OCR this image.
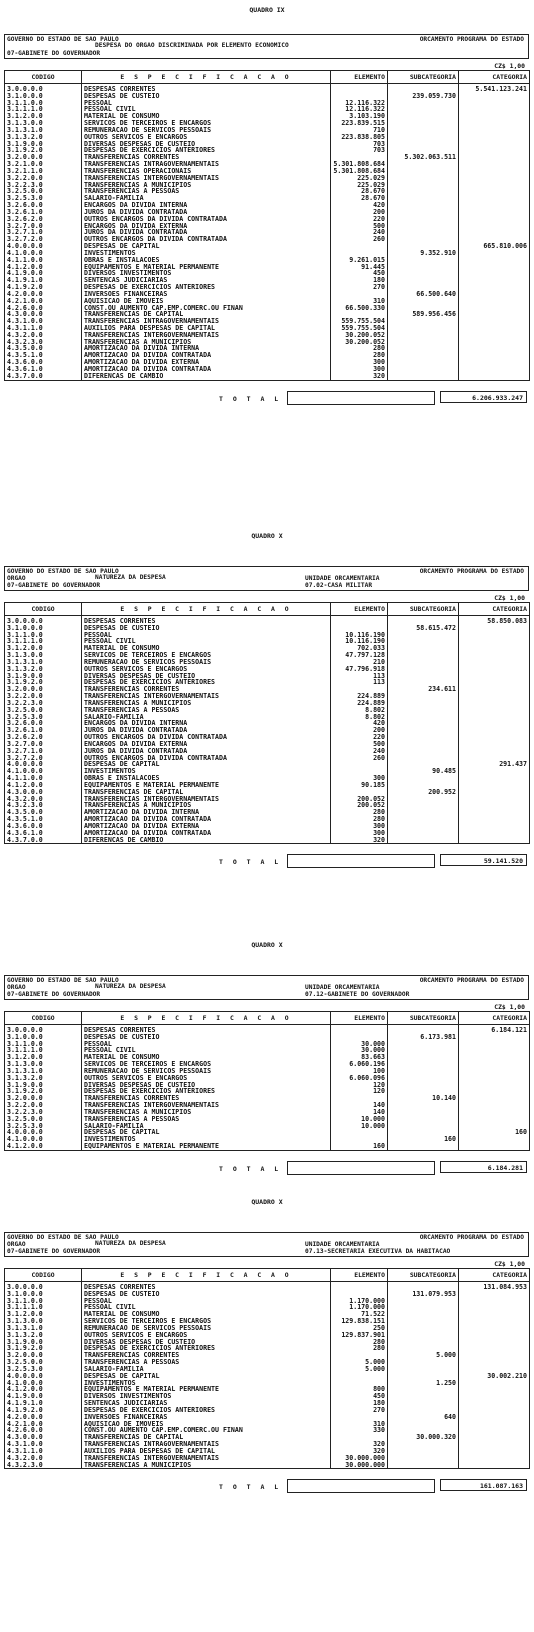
QUADRO IX
GOVERNO DO ESTADO DE SAO PAULO	ORCAMENTO PROGRAMA DO ESTADO
DESPESA DO ORGAO DISCRIMINADA POR ELEMENTO ECONOMICO
07-GABINETE DO GOVERNADOR
CZ$ 1,00
CODIGO	E S P E C I F I C A C A O	ELEMENTO	SUBCATEGORIA	CATEGORIA
3.0.0.0.0	DESPESAS CORRENTES			5.541.123.241
3.1.0.0.0	DESPESAS DE CUSTEIO		239.059.730	
3.1.1.0.0	PESSOAL	12.116.322		
3.1.1.1.0	PESSOAL CIVIL	12.116.322		
3.1.2.0.0	MATERIAL DE CONSUMO	3.103.190		
3.1.3.0.0	SERVICOS DE TERCEIROS E ENCARGOS	223.839.515		
3.1.3.1.0	REMUNERACAO DE SERVICOS PESSOAIS	710		
3.1.3.2.0	OUTROS SERVICOS E ENCARGOS	223.838.805		
3.1.9.0.0	DIVERSAS DESPESAS DE CUSTEIO	703		
3.1.9.2.0	DESPESAS DE EXERCICIOS ANTERIORES	703		
3.2.0.0.0	TRANSFERENCIAS CORRENTES		5.302.063.511	
3.2.1.0.0	TRANSFERENCIAS INTRAGOVERNAMENTAIS	5.301.808.684		
3.2.1.1.0	TRANSFERENCIAS OPERACIONAIS	5.301.808.684		
3.2.2.0.0	TRANSFERENCIAS INTERGOVERNAMENTAIS	225.029		
3.2.2.3.0	TRANSFERENCIAS A MUNICIPIOS	225.029		
3.2.5.0.0	TRANSFERENCIAS A PESSOAS	28.670		
3.2.5.3.0	SALARIO-FAMILIA	28.670		
3.2.6.0.0	ENCARGOS DA DIVIDA INTERNA	420		
3.2.6.1.0	JUROS DA DIVIDA CONTRATADA	200		
3.2.6.2.0	OUTROS ENCARGOS DA DIVIDA CONTRATADA	220		
3.2.7.0.0	ENCARGOS DA DIVIDA EXTERNA	500		
3.2.7.1.0	JUROS DA DIVIDA CONTRATADA	240		
3.2.7.2.0	OUTROS ENCARGOS DA DIVIDA CONTRATADA	260		
4.0.0.0.0	DESPESAS DE CAPITAL			665.810.006
4.1.0.0.0	INVESTIMENTOS		9.352.910	
4.1.1.0.0	OBRAS E INSTALACOES	9.261.015		
4.1.2.0.0	EQUIPAMENTOS E MATERIAL PERMANENTE	91.445		
4.1.9.0.0	DIVERSOS INVESTIMENTOS	450		
4.1.9.1.0	SENTENCAS JUDICIARIAS	180		
4.1.9.2.0	DESPESAS DE EXERCICIOS ANTERIORES	270		
4.2.0.0.0	INVERSOES FINANCEIRAS		66.500.640	
4.2.1.0.0	AQUISICAO DE IMOVEIS	310		
4.2.6.0.0	CONST.OU AUMENTO CAP.EMP.COMERC.OU FINAN	66.500.330		
4.3.0.0.0	TRANSFERENCIAS DE CAPITAL		589.956.456	
4.3.1.0.0	TRANSFERENCIAS INTRAGOVERNAMENTAIS	559.755.504		
4.3.1.1.0	AUXILIOS PARA DESPESAS DE CAPITAL	559.755.504		
4.3.2.0.0	TRANSFERENCIAS INTERGOVERNAMENTAIS	30.200.052		
4.3.2.3.0	TRANSFERENCIAS A MUNICIPIOS	30.200.052		
4.3.5.0.0	AMORTIZACAO DA DIVIDA INTERNA	280		
4.3.5.1.0	AMORTIZACAO DA DIVIDA CONTRATADA	280		
4.3.6.0.0	AMORTIZACAO DA DIVIDA EXTERNA	300		
4.3.6.1.0	AMORTIZACAO DA DIVIDA CONTRATADA	300		
4.3.7.0.0	DIFERENCAS DE CAMBIO	320		
T O T A L	6.206.933.247
QUADRO X
GOVERNO DO ESTADO DE SAO PAULO	ORCAMENTO PROGRAMA DO ESTADO
ORGAO	NATUREZA DA DESPESA	UNIDADE ORCAMENTARIA
07-GABINETE DO GOVERNADOR	07.02-CASA MILITAR
CZ$ 1,00
CODIGO	E S P E C I F I C A C A O	ELEMENTO	SUBCATEGORIA	CATEGORIA
3.0.0.0.0	DESPESAS CORRENTES			58.850.083
3.1.0.0.0	DESPESAS DE CUSTEIO		58.615.472	
3.1.1.0.0	PESSOAL	10.116.190		
3.1.1.1.0	PESSOAL CIVIL	10.116.190		
3.1.2.0.0	MATERIAL DE CONSUMO	702.033		
3.1.3.0.0	SERVICOS DE TERCEIROS E ENCARGOS	47.797.128		
3.1.3.1.0	REMUNERACAO DE SERVICOS PESSOAIS	210		
3.1.3.2.0	OUTROS SERVICOS E ENCARGOS	47.796.918		
3.1.9.0.0	DIVERSAS DESPESAS DE CUSTEIO	113		
3.1.9.2.0	DESPESAS DE EXERCICIOS ANTERIORES	113		
3.2.0.0.0	TRANSFERENCIAS CORRENTES		234.611	
3.2.2.0.0	TRANSFERENCIAS INTERGOVERNAMENTAIS	224.889		
3.2.2.3.0	TRANSFERENCIAS A MUNICIPIOS	224.889		
3.2.5.0.0	TRANSFERENCIAS A PESSOAS	8.802		
3.2.5.3.0	SALARIO-FAMILIA	8.802		
3.2.6.0.0	ENCARGOS DA DIVIDA INTERNA	420		
3.2.6.1.0	JUROS DA DIVIDA CONTRATADA	200		
3.2.6.2.0	OUTROS ENCARGOS DA DIVIDA CONTRATADA	220		
3.2.7.0.0	ENCARGOS DA DIVIDA EXTERNA	500		
3.2.7.1.0	JUROS DA DIVIDA CONTRATADA	240		
3.2.7.2.0	OUTROS ENCARGOS DA DIVIDA CONTRATADA	260		
4.0.0.0.0	DESPESAS DE CAPITAL			291.437
4.1.0.0.0	INVESTIMENTOS		90.485	
4.1.1.0.0	OBRAS E INSTALACOES	300		
4.1.2.0.0	EQUIPAMENTOS E MATERIAL PERMANENTE	90.185		
4.3.0.0.0	TRANSFERENCIAS DE CAPITAL		200.952	
4.3.2.0.0	TRANSFERENCIAS INTERGOVERNAMENTAIS	200.052		
4.3.2.3.0	TRANSFERENCIAS A MUNICIPIOS	200.052		
4.3.5.0.0	AMORTIZACAO DA DIVIDA INTERNA	280		
4.3.5.1.0	AMORTIZACAO DA DIVIDA CONTRATADA	280		
4.3.6.0.0	AMORTIZACAO DA DIVIDA EXTERNA	300		
4.3.6.1.0	AMORTIZACAO DA DIVIDA CONTRATADA	300		
4.3.7.0.0	DIFERENCAS DE CAMBIO	320		
T O T A L	59.141.520
QUADRO X
GOVERNO DO ESTADO DE SAO PAULO	ORCAMENTO PROGRAMA DO ESTADO
ORGAO	NATUREZA DA DESPESA	UNIDADE ORCAMENTARIA
07-GABINETE DO GOVERNADOR	07.12-GABINETE DO GOVERNADOR
CZ$ 1,00
CODIGO	E S P E C I F I C A C A O	ELEMENTO	SUBCATEGORIA	CATEGORIA
3.0.0.0.0	DESPESAS CORRENTES			6.184.121
3.1.0.0.0	DESPESAS DE CUSTEIO		6.173.981	
3.1.1.0.0	PESSOAL	30.000		
3.1.1.1.0	PESSOAL CIVIL	30.000		
3.1.2.0.0	MATERIAL DE CONSUMO	83.663		
3.1.3.0.0	SERVICOS DE TERCEIROS E ENCARGOS	6.060.196		
3.1.3.1.0	REMUNERACAO DE SERVICOS PESSOAIS	100		
3.1.3.2.0	OUTROS SERVICOS E ENCARGOS	6.060.096		
3.1.9.0.0	DIVERSAS DESPESAS DE CUSTEIO	120		
3.1.9.2.0	DESPESAS DE EXERCICIOS ANTERIORES	120		
3.2.0.0.0	TRANSFERENCIAS CORRENTES		10.140	
3.2.2.0.0	TRANSFERENCIAS INTERGOVERNAMENTAIS	140		
3.2.2.3.0	TRANSFERENCIAS A MUNICIPIOS	140		
3.2.5.0.0	TRANSFERENCIAS A PESSOAS	10.000		
3.2.5.3.0	SALARIO-FAMILIA	10.000		
4.0.0.0.0	DESPESAS DE CAPITAL			160
4.1.0.0.0	INVESTIMENTOS		160	
4.1.2.0.0	EQUIPAMENTOS E MATERIAL PERMANENTE	160		
T O T A L	6.184.281
QUADRO X
GOVERNO DO ESTADO DE SAO PAULO	ORCAMENTO PROGRAMA DO ESTADO
ORGAO	NATUREZA DA DESPESA	UNIDADE ORCAMENTARIA
07-GABINETE DO GOVERNADOR	07.13-SECRETARIA EXECUTIVA DA HABITACAO
CZ$ 1,00
CODIGO	E S P E C I F I C A C A O	ELEMENTO	SUBCATEGORIA	CATEGORIA
3.0.0.0.0	DESPESAS CORRENTES			131.084.953
3.1.0.0.0	DESPESAS DE CUSTEIO		131.079.953	
3.1.1.0.0	PESSOAL	1.170.000		
3.1.1.1.0	PESSOAL CIVIL	1.170.000		
3.1.2.0.0	MATERIAL DE CONSUMO	71.522		
3.1.3.0.0	SERVICOS DE TERCEIROS E ENCARGOS	129.838.151		
3.1.3.1.0	REMUNERACAO DE SERVICOS PESSOAIS	250		
3.1.3.2.0	OUTROS SERVICOS E ENCARGOS	129.837.901		
3.1.9.0.0	DIVERSAS DESPESAS DE CUSTEIO	280		
3.1.9.2.0	DESPESAS DE EXERCICIOS ANTERIORES	280		
3.2.0.0.0	TRANSFERENCIAS CORRENTES		5.000	
3.2.5.0.0	TRANSFERENCIAS A PESSOAS	5.000		
3.2.5.3.0	SALARIO-FAMILIA	5.000		
4.0.0.0.0	DESPESAS DE CAPITAL			30.002.210
4.1.0.0.0	INVESTIMENTOS		1.250	
4.1.2.0.0	EQUIPAMENTOS E MATERIAL PERMANENTE	800		
4.1.9.0.0	DIVERSOS INVESTIMENTOS	450		
4.1.9.1.0	SENTENCAS JUDICIARIAS	180		
4.1.9.2.0	DESPESAS DE EXERCICIOS ANTERIORES	270		
4.2.0.0.0	INVERSOES FINANCEIRAS		640	
4.2.1.0.0	AQUISICAO DE IMOVEIS	310		
4.2.6.0.0	CONST.OU AUMENTO CAP.EMP.COMERC.OU FINAN	330		
4.3.0.0.0	TRANSFERENCIAS DE CAPITAL		30.000.320	
4.3.1.0.0	TRANSFERENCIAS INTRAGOVERNAMENTAIS	320		
4.3.1.1.0	AUXILIOS PARA DESPESAS DE CAPITAL	320		
4.3.2.0.0	TRANSFERENCIAS INTERGOVERNAMENTAIS	30.000.000		
4.3.2.3.0	TRANSFERENCIAS A MUNICIPIOS	30.000.000		
T O T A L	161.087.163
